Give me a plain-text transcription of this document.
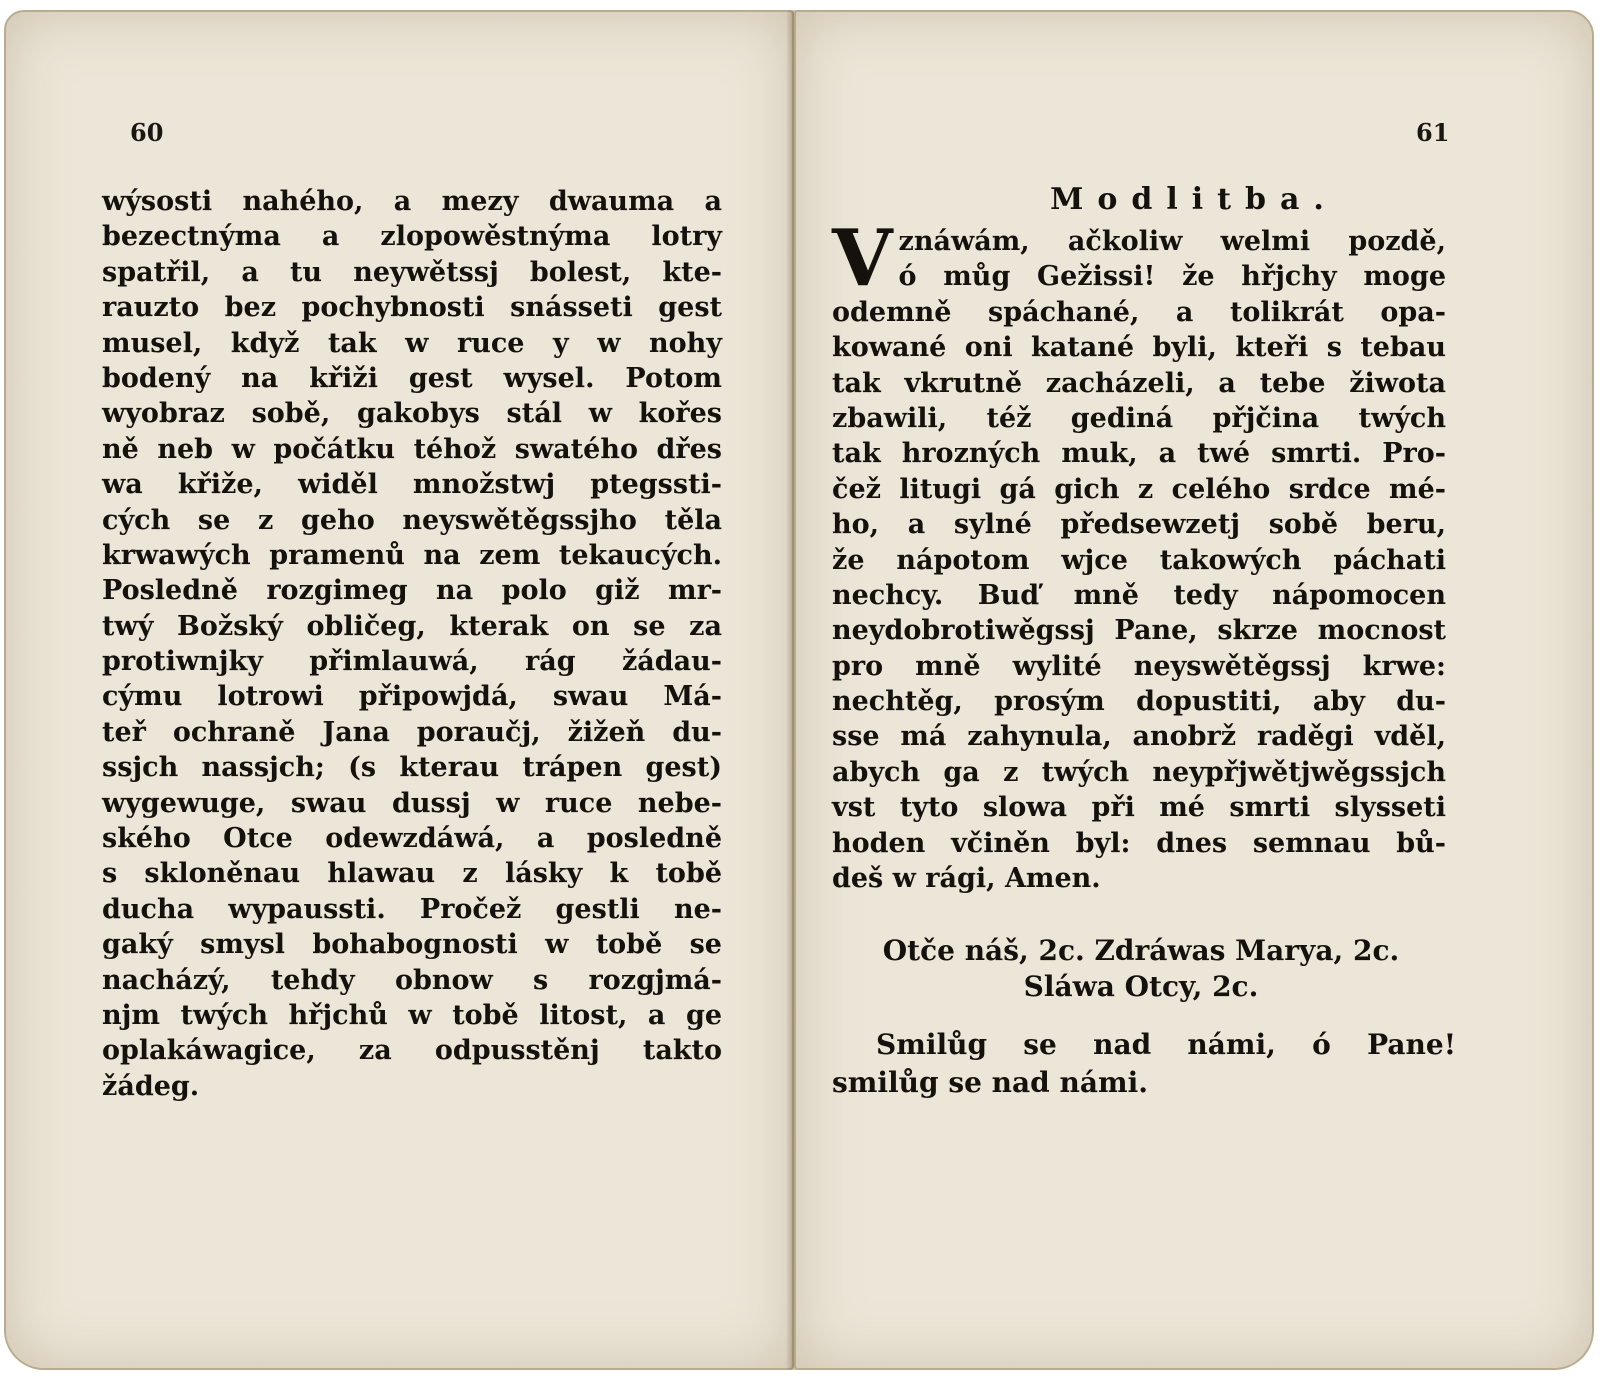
60

wýsosti nahého, a mezy dwauma a
bezectnýma a zlopowěstnýma lotry
spatřil, a tu neywětssj bolest, kte-
rauzto bez pochybnosti snásseti gest
musel, když tak w ruce y w nohy
bodený na křiži gest wysel. Potom
wyobraz sobě, gakobys stál w kořes
ně neb w počátku téhož swatého dřes
wa křiže, widěl množstwj ptegssti-
cých se z geho neyswětěgssjho těla
krwawých pramenů na zem tekaucých.
Posledně rozgimeg na polo giž mr-
twý Božský obličeg, kterak on se za
protiwnjky přimlauwá, rág žádau-
cýmu lotrowi připowjdá, swau Má-
teř ochraně Jana poraučj, žižeň du-
ssjch nassjch; (s kterau trápen gest)
wygewuge, swau dussj w ruce nebe-
ského Otce odewzdáwá, a posledně
s skloněnau hlawau z lásky k tobě
ducha wypaussti. Pročež gestli ne-
gaký smysl bohabognosti w tobě se
nacházý, tehdy obnow s rozgjmá-
njm twých hřjchů w tobě litost, a ge
oplakáwagice, za odpusstěnj takto
žádeg.

61

Modlitba.

V znáwám, ačkoliw welmi pozdě,
ó můg Gežissi! že hřjchy moge
odemně spáchané, a tolikrát opa-
kowané oni katané byli, kteři s tebau
tak vkrutně zacházeli, a tebe žiwota
zbawili, též gediná přjčina twých
tak hrozných muk, a twé smrti. Pro-
čež litugi gá gich z celého srdce mé-
ho, a sylné předsewzetj sobě beru,
že nápotom wjce takowých páchati
nechcy. Buď mně tedy nápomocen
neydobrotiwěgssj Pane, skrze mocnost
pro mně wylité neyswětěgssj krwe:
nechtěg, prosým dopustiti, aby du-
sse má zahynula, anobrž raděgi vděl,
abych ga z twých neypřjwětjwěgssjch
vst tyto slowa při mé smrti slysseti
hoden včiněn byl: dnes semnau bů-
deš w rági, Amen.

Otče náš, 2c. Zdráwas Marya, 2c.

Sláwa Otcy, 2c.

Smilůg se nad námi, ó Pane!

smilůg se nad námi.
